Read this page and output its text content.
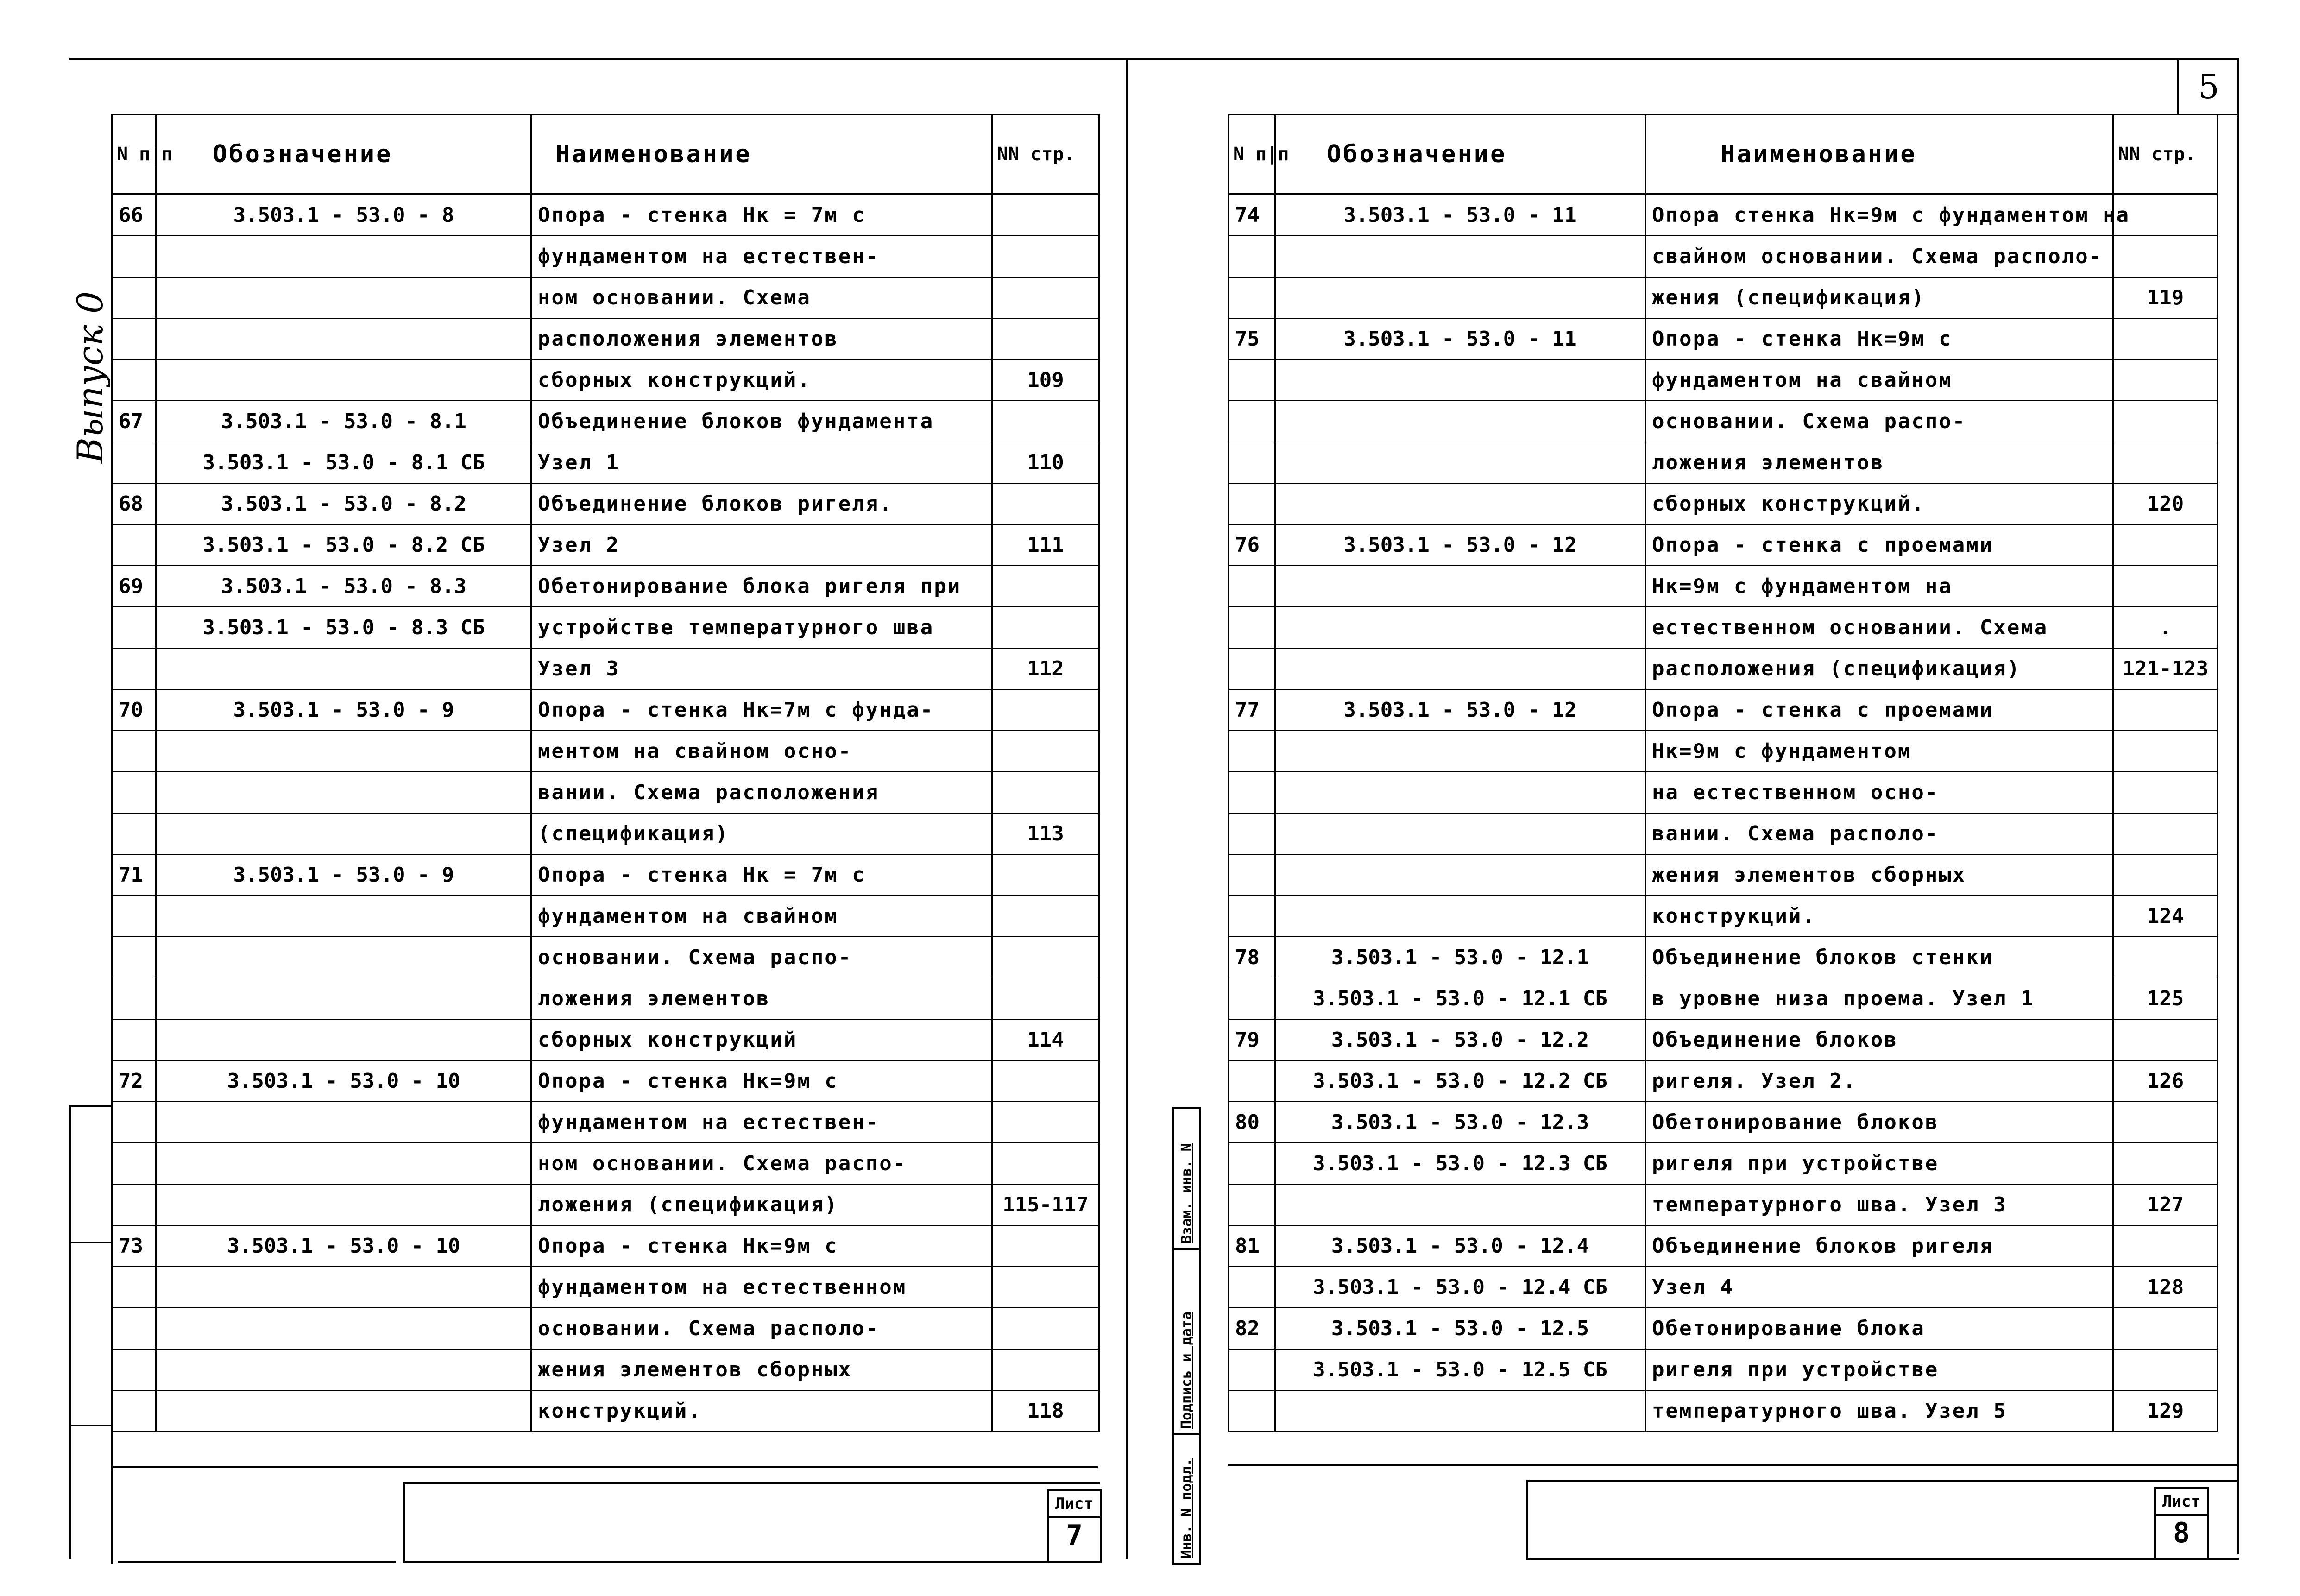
5
Выпуск 0
N п|п	Обозначение	Наименование	NN стр.
66	3.503.1 - 53.0 - 8	Опора - стенка Нк = 7м с	
		фундаментом на естествен-	
		ном основании. Схема	
		расположения элементов	
		сборных конструкций.	109
67	3.503.1 - 53.0 - 8.1	Объединение блоков фундамента	
	3.503.1 - 53.0 - 8.1 СБ	Узел 1	110
68	3.503.1 - 53.0 - 8.2	Объединение блоков ригеля.	
	3.503.1 - 53.0 - 8.2 СБ	Узел 2	111
69	3.503.1 - 53.0 - 8.3	Обетонирование блока ригеля при	
	3.503.1 - 53.0 - 8.3 СБ	устройстве температурного шва	
		Узел 3	112
70	3.503.1 - 53.0 - 9	Опора - стенка Нк=7м с фунда-	
		ментом на свайном осно-	
		вании. Схема расположения	
		(спецификация)	113
71	3.503.1 - 53.0 - 9	Опора - стенка Нк = 7м с	
		фундаментом на свайном	
		основании. Схема распо-	
		ложения элементов	
		сборных конструкций	114
72	3.503.1 - 53.0 - 10	Опора - стенка Нк=9м с	
		фундаментом на естествен-	
		ном основании. Схема распо-	
		ложения (спецификация)	115-117
73	3.503.1 - 53.0 - 10	Опора - стенка Нк=9м с	
		фундаментом на естественном	
		основании. Схема располо-	
		жения элементов сборных	
		конструкций.	118
Лист
7
N п|п	Обозначение	Наименование	NN стр.
74	3.503.1 - 53.0 - 11	Опора стенка Нк=9м с фундаментом на	
		свайном основании. Схема располо-	
		жения (спецификация)	119
75	3.503.1 - 53.0 - 11	Опора - стенка Нк=9м с	
		фундаментом на свайном	
		основании. Схема распо-	
		ложения элементов	
		сборных конструкций.	120
76	3.503.1 - 53.0 - 12	Опора - стенка с проемами	
		Нк=9м с фундаментом на	
		естественном основании. Схема	.
		расположения (спецификация)	121-123
77	3.503.1 - 53.0 - 12	Опора - стенка с проемами	
		Нк=9м с фундаментом	
		на естественном осно-	
		вании. Схема располо-	
		жения элементов сборных	
		конструкций.	124
78	3.503.1 - 53.0 - 12.1	Объединение блоков стенки	
	3.503.1 - 53.0 - 12.1 СБ	в уровне низа проема. Узел 1	125
79	3.503.1 - 53.0 - 12.2	Объединение блоков	
	3.503.1 - 53.0 - 12.2 СБ	ригеля. Узел 2.	126
80	3.503.1 - 53.0 - 12.3	Обетонирование блоков	
	3.503.1 - 53.0 - 12.3 СБ	ригеля при устройстве	
		температурного шва. Узел 3	127
81	3.503.1 - 53.0 - 12.4	Объединение блоков ригеля	
	3.503.1 - 53.0 - 12.4 СБ	Узел 4	128
82	3.503.1 - 53.0 - 12.5	Обетонирование блока	
	3.503.1 - 53.0 - 12.5 СБ	ригеля при устройстве	
		температурного шва. Узел 5	129
Лист
8
Взам. инв. N
Подпись и дата
Инв. N подл.
